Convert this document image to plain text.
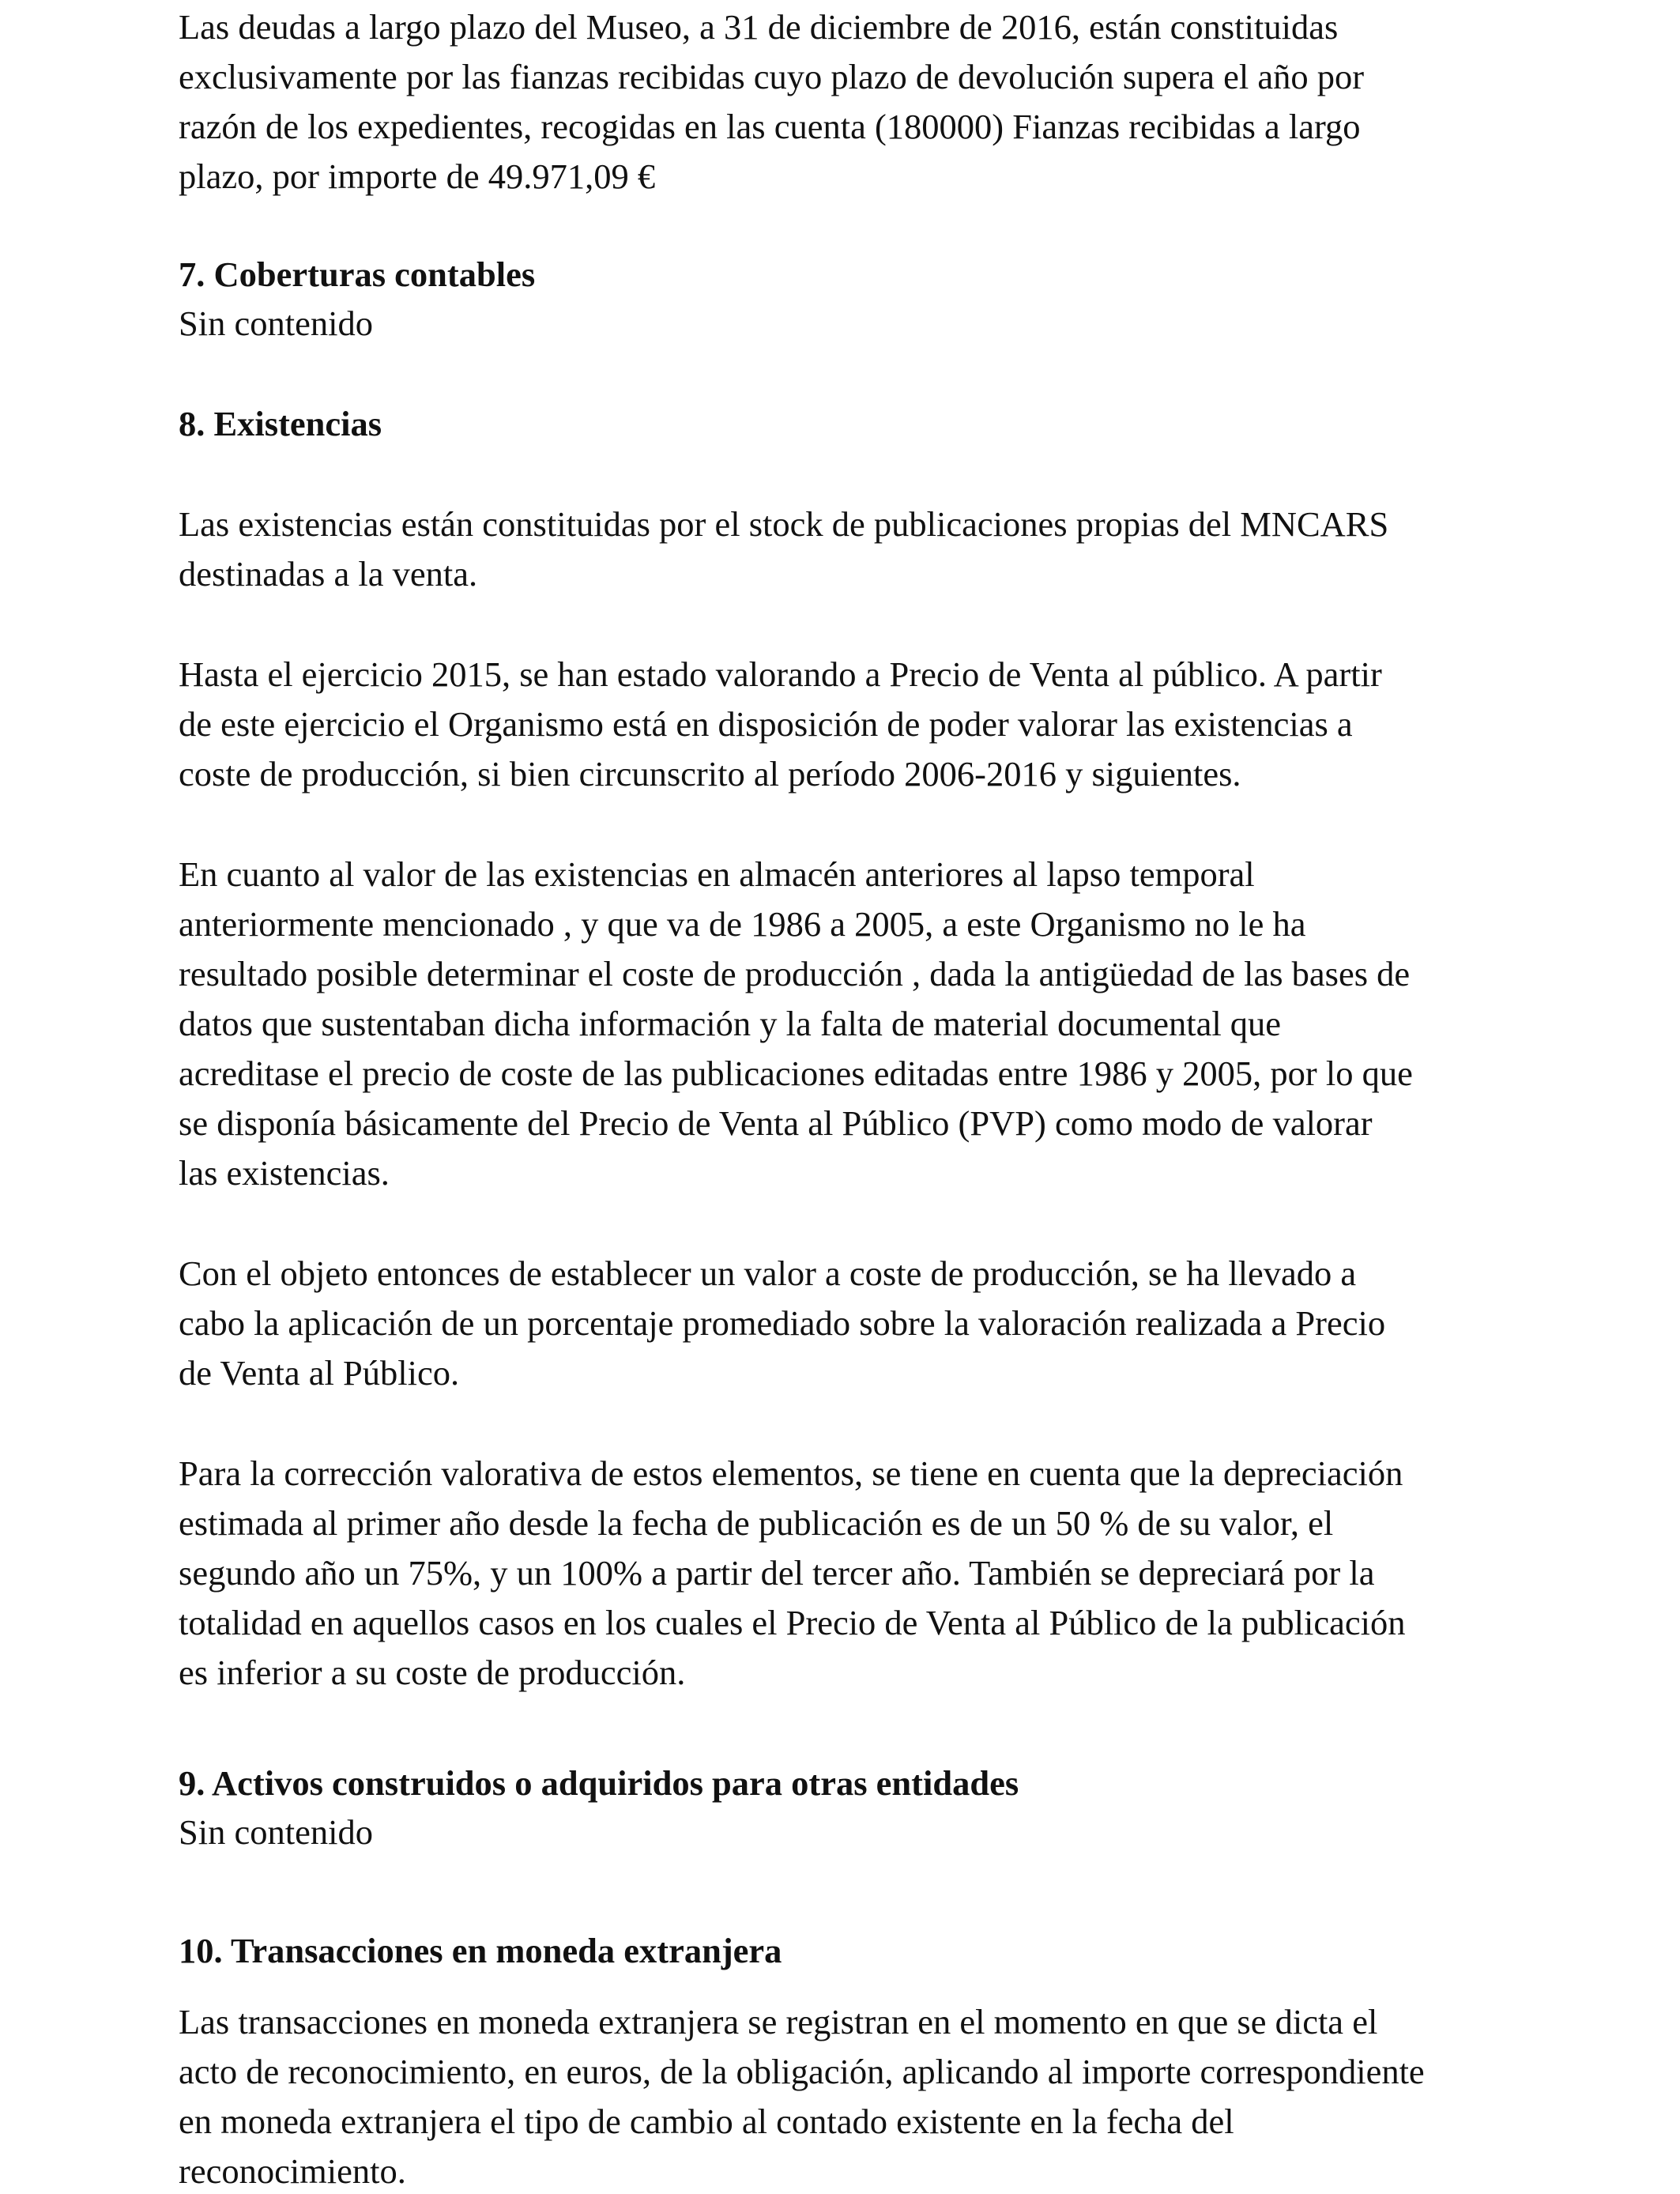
Las deudas a largo plazo del Museo, a 31 de diciembre de 2016, están constituidas

exclusivamente por las fianzas recibidas cuyo plazo de devolución supera el año por

razón de los expedientes, recogidas en las cuenta (180000) Fianzas recibidas a largo

plazo, por importe de 49.971,09 €

7. Coberturas contables

Sin contenido

8. Existencias

Las existencias están constituidas por el stock de publicaciones propias del MNCARS

destinadas a la venta.

Hasta el ejercicio 2015, se han estado valorando a Precio de Venta al público. A partir

de este ejercicio el Organismo está en disposición de poder valorar las existencias a

coste de producción, si bien circunscrito al período 2006-2016 y siguientes.

En cuanto al valor de las existencias en almacén anteriores al lapso temporal

anteriormente mencionado , y que va de 1986 a 2005, a este Organismo no le ha

resultado posible determinar el coste de producción , dada la antigüedad de las bases de

datos que sustentaban dicha información y la falta de material documental que

acreditase el precio de coste de las publicaciones editadas entre 1986 y 2005, por lo que

se disponía básicamente del Precio de Venta al Público (PVP) como modo de valorar

las existencias.

Con el objeto entonces de establecer un valor a coste de producción, se ha llevado a

cabo la aplicación de un porcentaje promediado sobre la valoración realizada a Precio

de Venta al Público.

Para la corrección valorativa de estos elementos, se tiene en cuenta que la depreciación

estimada al primer año desde la fecha de publicación es de un 50 % de su valor, el

segundo año un 75%, y un 100% a partir del tercer año. También se depreciará por la

totalidad en aquellos casos en los cuales el Precio de Venta al Público de la publicación

es inferior a su coste de producción.

9. Activos construidos o adquiridos para otras entidades

Sin contenido

10. Transacciones en moneda extranjera

Las transacciones en moneda extranjera se registran en el momento en que se dicta el

acto de reconocimiento, en euros, de la obligación, aplicando al importe correspondiente

en moneda extranjera el tipo de cambio al contado existente en la fecha del

reconocimiento.
